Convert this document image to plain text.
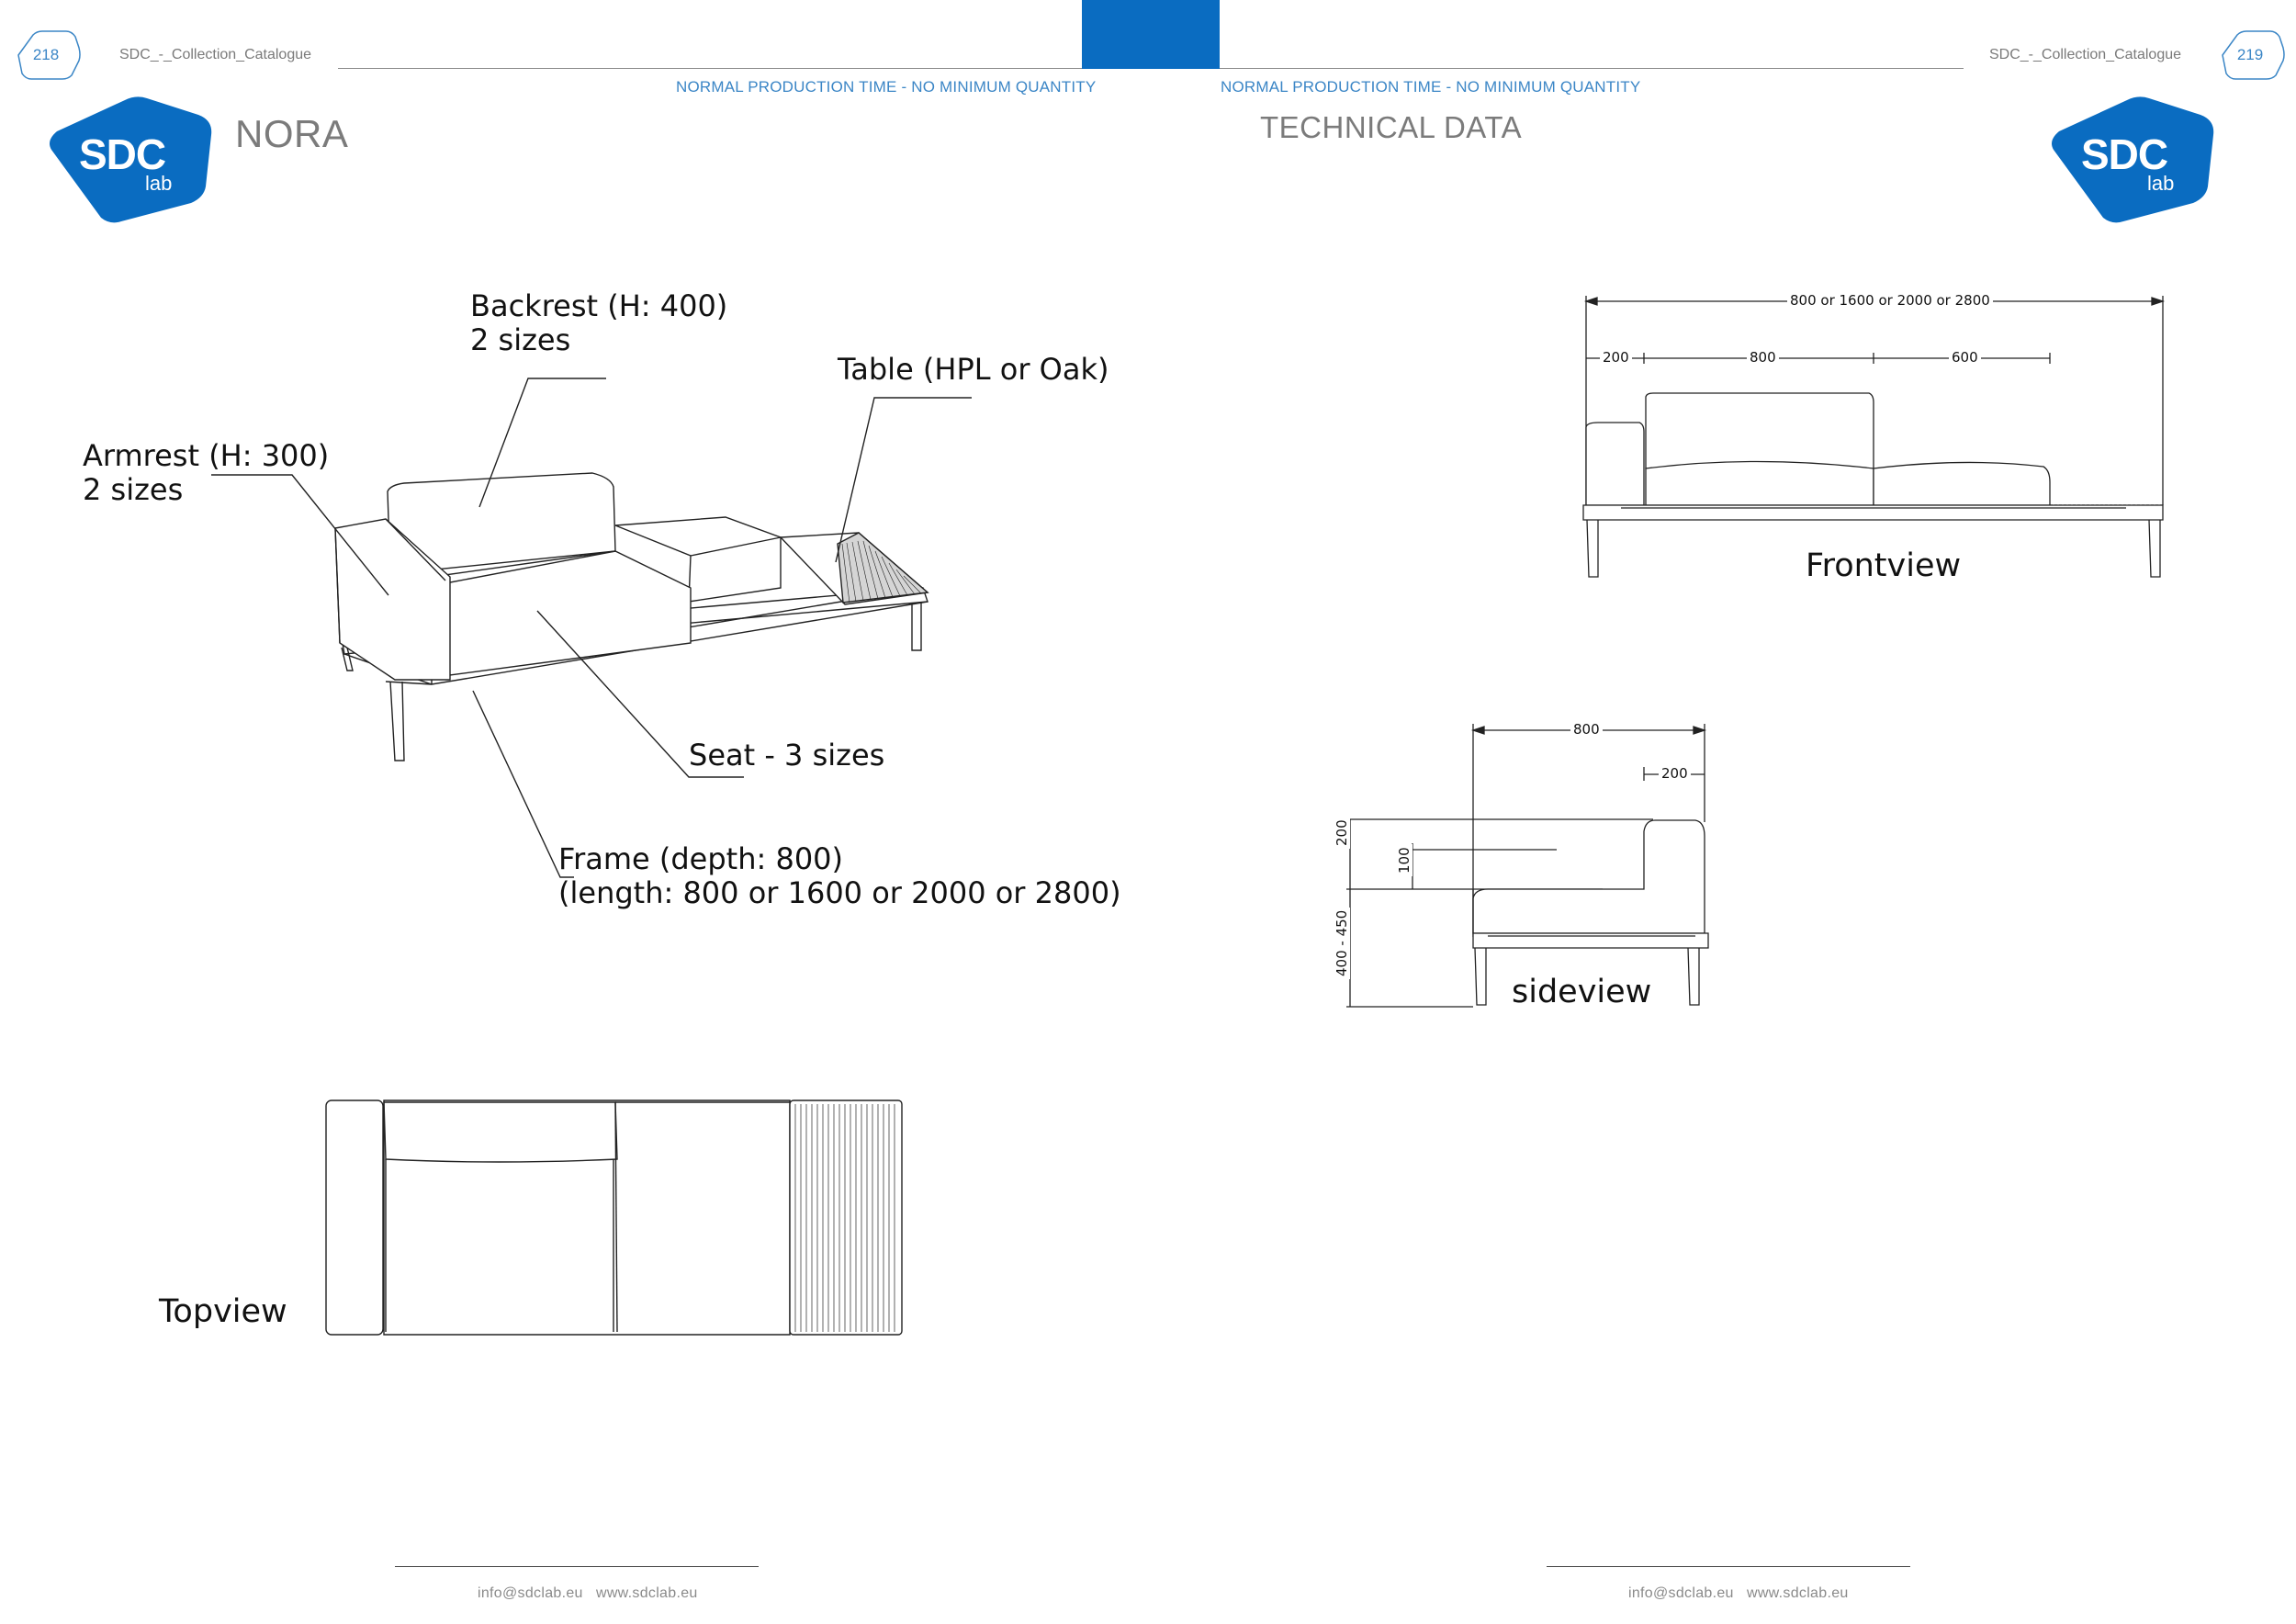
218	SDC_-_Collection_Catalogue	219
SDC_-_Collection_Catalogue
NORMAL PRODUCTION TIME - NO MINIMUM QUANTITY	NORMAL PRODUCTION TIME - NO MINIMUM QUANTITY
SDC
lab
SDC
lab
NORA	TECHNICAL DATA
Backrest (H: 400)
2 sizes
Armrest (H: 300)
2 sizes
Table (HPL or Oak)
Seat - 3 sizes
Frame (depth: 800)
(length: 800 or 1600 or 2000 or 2800)
Topview
800 or 1600 or 2000 or 2800
200	800	600
Frontview
800
200
200
100
400 - 450
sideview
info@sdclab.eu   www.sdclab.eu	info@sdclab.eu   www.sdclab.eu
